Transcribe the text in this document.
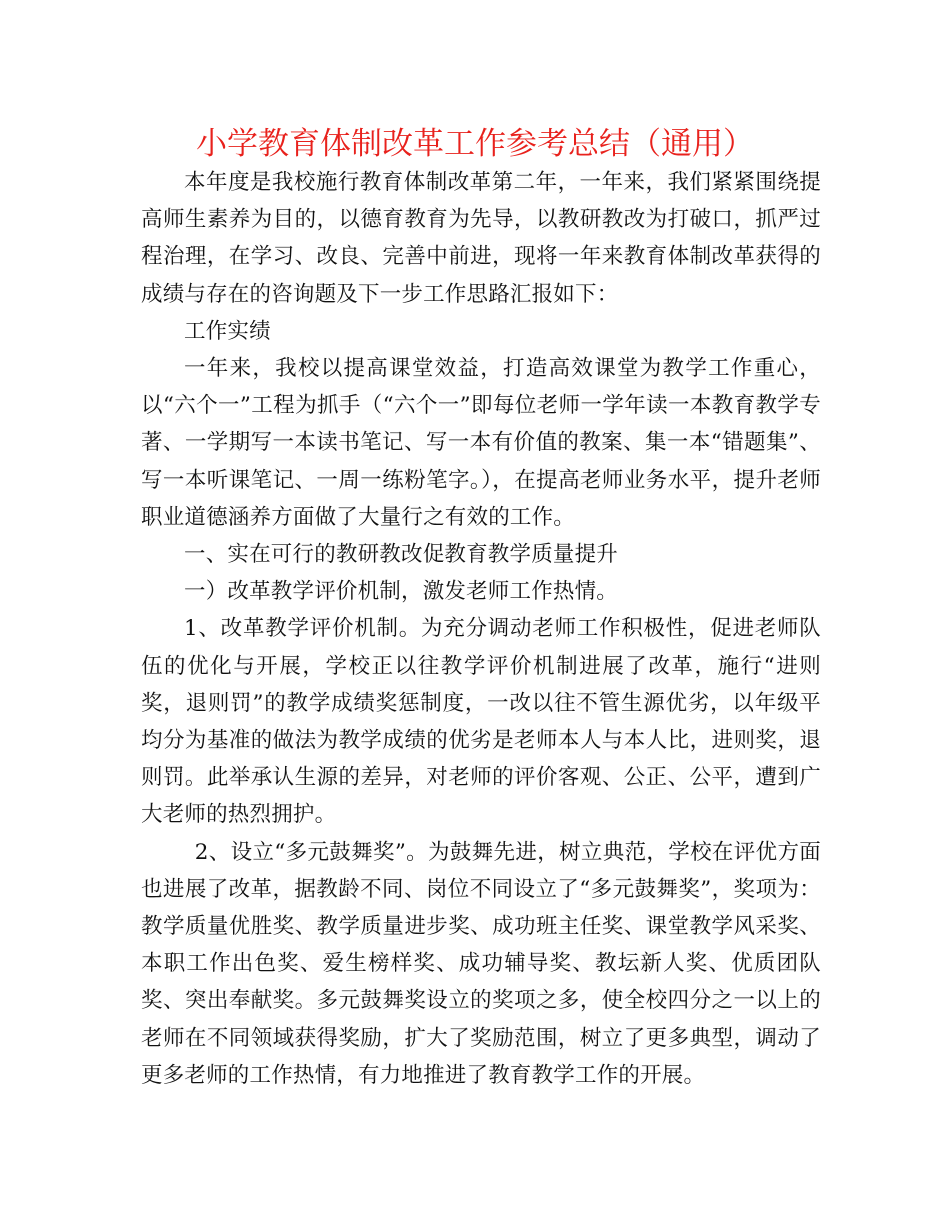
小学教育体制改革工作参考总结（通用）

本年度是我校施行教育体制改革第二年，一年来，我们紧紧围绕提高师生素养为目的，以德育教育为先导，以教研教改为打破口，抓严过程治理，在学习、改良、完善中前进，现将一年来教育体制改革获得的成绩与存在的咨询题及下一步工作思路汇报如下：

工作实绩

一年来，我校以提高课堂效益，打造高效课堂为教学工作重心，以“六个一”工程为抓手（“六个一”即每位老师一学年读一本教育教学专著、一学期写一本读书笔记、写一本有价值的教案、集一本“错题集”、写一本听课笔记、一周一练粉笔字。），在提高老师业务水平，提升老师职业道德涵养方面做了大量行之有效的工作。

一、实在可行的教研教改促教育教学质量提升

一）改革教学评价机制，激发老师工作热情。

1、改革教学评价机制。为充分调动老师工作积极性，促进老师队伍的优化与开展，学校正以往教学评价机制进展了改革，施行“进则奖，退则罚”的教学成绩奖惩制度，一改以往不管生源优劣，以年级平均分为基准的做法为教学成绩的优劣是老师本人与本人比，进则奖，退则罚。此举承认生源的差异，对老师的评价客观、公正、公平，遭到广大老师的热烈拥护。

2、设立“多元鼓舞奖”。为鼓舞先进，树立典范，学校在评优方面也进展了改革，据教龄不同、岗位不同设立了“多元鼓舞奖”，奖项为：教学质量优胜奖、教学质量进步奖、成功班主任奖、课堂教学风采奖、本职工作出色奖、爱生榜样奖、成功辅导奖、教坛新人奖、优质团队奖、突出奉献奖。多元鼓舞奖设立的奖项之多，使全校四分之一以上的老师在不同领域获得奖励，扩大了奖励范围，树立了更多典型，调动了更多老师的工作热情，有力地推进了教育教学工作的开展。
